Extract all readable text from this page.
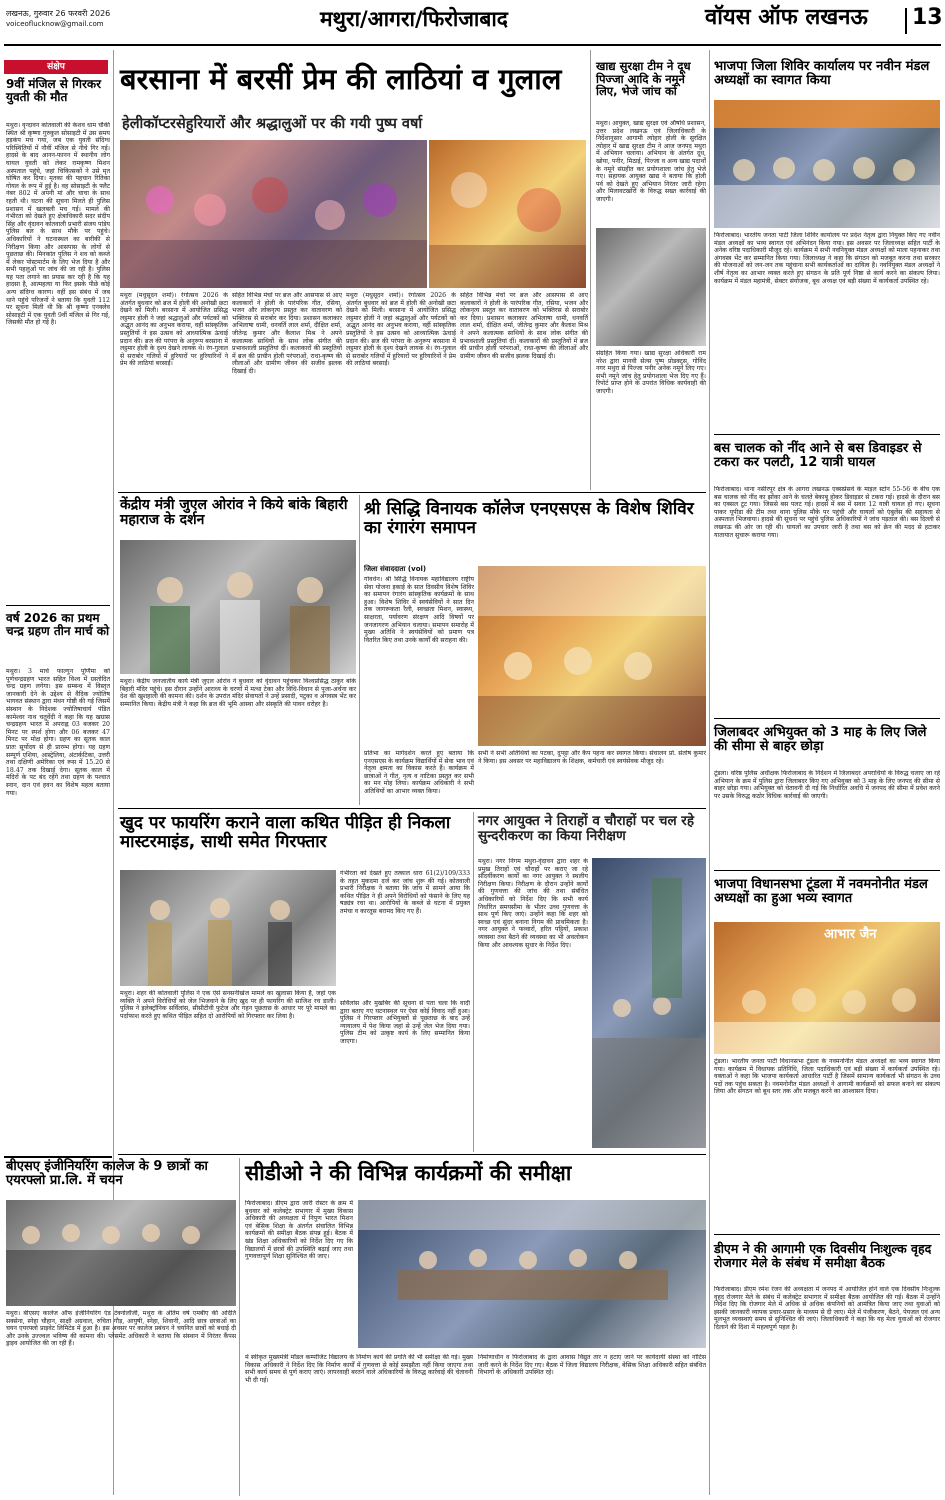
लखनऊ, गुरुवार 26 फरवरी 2026
voiceoflucknow@gmail.com	मथुरा/आगरा/फिरोजाबाद	वॉयस ऑफ लखनऊ 13
संक्षेप
9वीं मंजिल से गिरकर युवती की मौत
मथुरा। वृन्दावन कोतवाली की केशव धाम चौकी स्थित श्री कृष्णा गुरुकुल सोसाइटी में उस समय हड़कंप मच गया, जब एक युवती संदिग्ध परिस्थितियों में नौवीं मंजिल से नीचे गिर गई। हादसे के बाद आनन-फानन में स्थानीय लोग घायल युवती को लेकर रामकृष्ण मिशन अस्पताल पहुंचे, जहां चिकित्सकों ने उसे मृत घोषित कर दिया। मृतका की पहचान रितिका गोयल के रूप में हुई है। वह सोसाइटी के फ्लैट नंबर 802 में अपनी मां और चाचा के साथ रहती थी। घटना की सूचना मिलते ही पुलिस प्रशासन में खलबली मच गई। मामले की गंभीरता को देखते हुए क्षेत्राधिकारी सदर संदीप सिंह और वृंदावन कोतवाली प्रभारी संजय पांडेय पुलिस बल के साथ मौके पर पहुंचे। अधिकारियों ने घटनास्थल का बारीकी से निरीक्षण किया और आसपास के लोगों से पूछताछ की। मिनकांत पुलिस ने शव को कब्जे में लेकर पोस्टमार्टम के लिए भेज दिया है और सभी पहलुओं पर जांच की जा रही है। पुलिस यह पता लगाने का प्रयास कर रही है कि यह हादसा है, आत्महत्या या फिर इसके पीछे कोई अन्य संदिग्ध कारण। वहीं इस संबंध में जब थाने पहुंचे परिजनों ने बताया कि युवती 112 पर सूचना मिली थी कि श्री कृष्णा एनक्लेव सोसाइटी में एक युवती 9वीं मंजिल से गिर गई, जिसकी मौत हो गई है।
वर्ष 2026 का प्रथम चन्द्र ग्रहण तीन मार्च को
मथुरा। 3 मार्च फाल्गुन पूर्णिमा को पूर्णचन्द्रग्रहण भारत सहित विश्व में ग्रस्तोदित चन्द्र ग्रहण लगेगा। इस सम्बन्ध में विस्तृत जानकारी देने के उद्देश्य से वैदिक ज्योतिष भागवत संस्थान द्वारा मंथन गोष्ठी की गई जिसमें संस्थान के निदेशक ज्योतिषाचार्य पंडित कामेश्वर नाथ चतुर्वेदी ने कहा कि यह खग्रास चन्द्रग्रहण भारत में अपराह्न 03 बजकर 20 मिनट पर स्पर्श होगा और 06 बजकर 47 मिनट पर मोक्ष होगा। ग्रहण का सूतक काल प्रातः सूर्योदय से ही प्रारम्भ होगा। यह ग्रहण सम्पूर्ण एशिया, आस्ट्रेलिया, अंटार्कटिका, उत्तरी तथा दक्षिणी अमेरिका एवं रूस में 15.20 से 18.47 तक दिखाई देगा। सूतक काल में मंदिरों के पट बंद रहेंगे तथा ग्रहण के पश्चात स्नान, दान एवं हवन का विशेष महत्व बताया गया।
बरसाना में बरसीं प्रेम की लाठियां व गुलाल
हेलीकॉप्टरसेहुरियारों और श्रद्धालुओं पर की गयी पुष्प वर्षा
मथुरा (मधुसूदन शर्मा)। रंगोत्सव 2026 के अंतर्गत बुधवार को ब्रज में होली की अनोखी छटा देखने को मिली। बरसाना में आयोजित प्रसिद्ध लट्ठमार होली ने जहां श्रद्धालुओं और पर्यटकों को अद्भुत आनंद का अनुभव कराया, वहीं सांस्कृतिक प्रस्तुतियों ने इस उत्सव को आध्यात्मिक ऊंचाई प्रदान की। ब्रज की परंपरा के अनुरूप बरसाना में लट्ठमार होली के दृश्य देखने लायक थे। रंग-गुलाल से सराबोर गलियों में हुरियारों पर हुरियारिनों ने प्रेम की लाठियां बरसाईं।
सहित विभिन्न मंचों पर ब्रज और आसपास से आए कलाकारों ने होली के पारंपरिक गीत, रसिया, भजन और लोकनृत्य प्रस्तुत कर वातावरण को भक्तिरस से सराबोर कर दिया। प्रशासन कलाकार अभिलाषा धामी, धनवर्ति लाल शर्मा, दीक्षित शर्मा, जीतेन्द्र कुमार और कैलाश मिश्र ने अपने कलात्मक साथियों के साथ लोक संगीत की प्रभावशाली प्रस्तुतियां दीं। कलाकारों की प्रस्तुतियों में ब्रज की प्राचीन होली परंपराओं, राधा-कृष्ण की लीलाओं और ग्रामीण जीवन की सजीव झलक दिखाई दी।
मथुरा (मधुसूदन शर्मा)। रंगोत्सव 2026 के अंतर्गत बुधवार को ब्रज में होली की अनोखी छटा देखने को मिली। बरसाना में आयोजित प्रसिद्ध लट्ठमार होली ने जहां श्रद्धालुओं और पर्यटकों को अद्भुत आनंद का अनुभव कराया, वहीं सांस्कृतिक प्रस्तुतियों ने इस उत्सव को आध्यात्मिक ऊंचाई प्रदान की। ब्रज की परंपरा के अनुरूप बरसाना में लट्ठमार होली के दृश्य देखने लायक थे। रंग-गुलाल से सराबोर गलियों में हुरियारों पर हुरियारिनों ने प्रेम की लाठियां बरसाईं।
सहित विभिन्न मंचों पर ब्रज और आसपास से आए कलाकारों ने होली के पारंपरिक गीत, रसिया, भजन और लोकनृत्य प्रस्तुत कर वातावरण को भक्तिरस से सराबोर कर दिया। प्रशासन कलाकार अभिलाषा धामी, धनवर्ति लाल शर्मा, दीक्षित शर्मा, जीतेन्द्र कुमार और कैलाश मिश्र ने अपने कलात्मक साथियों के साथ लोक संगीत की प्रभावशाली प्रस्तुतियां दीं। कलाकारों की प्रस्तुतियों में ब्रज की प्राचीन होली परंपराओं, राधा-कृष्ण की लीलाओं और ग्रामीण जीवन की सजीव झलक दिखाई दी।
खाद्य सुरक्षा टीम ने दूध पिज्जा आदि के नमूने लिए, भेजे जांच को
मथुरा। आयुक्त, खाद्य सुरक्षा एवं औषधि प्रशासन, उत्तर प्रदेश लखनऊ एवं जिलाधिकारी के निर्देशानुसार आगामी त्योहार होली के सुरक्षित त्योहार में खाद्य सुरक्षा टीम ने आज जनपद मथुरा में अभियान चलाया। अभियान के अंतर्गत दूध, खोया, पनीर, मिठाई, पिज्जा व अन्य खाद्य पदार्थों के नमूने संग्रहीत कर प्रयोगशाला जांच हेतु भेजे गए। सहायक आयुक्त खाद्य ने बताया कि होली पर्व को देखते हुए अभियान निरंतर जारी रहेगा और मिलावटखोरों के विरुद्ध सख्त कार्रवाई की जाएगी।
संग्रहित किया गया। खाद्य सुरक्षा अधिकारी राम नरेश द्वारा मानवी सेल्स पुष्प प्रोडक्ट्स, गोविंद नगर मथुरा से पिज्जा पनीर अनेक नमूने लिए गए। सभी नमूने जांच हेतु प्रयोगशाला भेज दिए गए हैं। रिपोर्ट प्राप्त होने के उपरांत विधिक कार्यवाही की जाएगी।
भाजपा जिला शिविर कार्यालय पर नवीन मंडल अध्यक्षों का स्वागत किया
फिरोजाबाद। भारतीय जनता पार्टी जिला शिविर कार्यालय पर प्रदेश नेतृत्व द्वारा नियुक्त किए गए नवीन मंडल अध्यक्षों का भव्य स्वागत एवं अभिनंदन किया गया। इस अवसर पर जिलाध्यक्ष सहित पार्टी के अनेक वरिष्ठ पदाधिकारी मौजूद रहे। कार्यक्रम में सभी नवनियुक्त मंडल अध्यक्षों को माला पहनाकर तथा अंगवस्त्र भेंट कर सम्मानित किया गया। जिलाध्यक्ष ने कहा कि संगठन को मजबूत करना तथा सरकार की योजनाओं को जन-जन तक पहुंचाना सभी कार्यकर्ताओं का दायित्व है। नवनियुक्त मंडल अध्यक्षों ने शीर्ष नेतृत्व का आभार व्यक्त करते हुए संगठन के प्रति पूर्ण निष्ठा से कार्य करने का संकल्प लिया। कार्यक्रम में मंडल महामंत्री, सेक्टर संयोजक, बूथ अध्यक्ष एवं बड़ी संख्या में कार्यकर्ता उपस्थित रहे।
बस चालक को नींद आने से बस डिवाइडर से टकरा कर पलटी, 12 यात्री घायल
फिरोजाबाद। थाना नसीरपुर क्षेत्र के आगरा लखनऊ एक्सप्रेसवे के माइल स्टोन 55-56 के बीच एक बस चालक को नींद का झोंका आने के चलते बेकाबू होकर डिवाइडर से टकरा गई। हादसे के दौरान बस का एक्सल टूट गया। जिससे बस पलट गई। हादसे में बस में सवार 12 यात्री घायल हो गए। सूचना पाकर यूपीडा की टीम तथा थाना पुलिस मौके पर पहुंची और घायलों को एंबुलेंस की सहायता से अस्पताल भिजवाया। हादसे की सूचना पर पहुंचे पुलिस अधिकारियों ने जांच पड़ताल की। बस दिल्ली से लखनऊ की ओर जा रही थी। घायलों का उपचार जारी है तथा बस को क्रेन की मदद से हटाकर यातायात सुचारू कराया गया।
जिलाबदर अभियुक्त को 3 माह के लिए जिले की सीमा से बाहर छोड़ा
टूंडला। वरिष्ठ पुलिस अधीक्षक फिरोजाबाद के निर्देशन में जिलाबदर अपराधियों के विरुद्ध चलाए जा रहे अभियान के क्रम में पुलिस द्वारा जिलाबदर किए गए अभियुक्त को 3 माह के लिए जनपद की सीमा से बाहर छोड़ा गया। अभियुक्त को चेतावनी दी गई कि निर्धारित अवधि में जनपद की सीमा में प्रवेश करने पर उसके विरुद्ध कठोर विधिक कार्रवाई की जाएगी।
भाजपा विधानसभा टूंडला में नवमनोनीत मंडल अध्यक्षों का हुआ भव्य स्वागत
आभार जैन
टूंडला। भारतीय जनता पार्टी विधानसभा टूंडला के नवमनोनीत मंडल अध्यक्षों का भव्य स्वागत किया गया। कार्यक्रम में विधायक प्रतिनिधि, जिला पदाधिकारी एवं बड़ी संख्या में कार्यकर्ता उपस्थित रहे। वक्ताओं ने कहा कि भाजपा कार्यकर्ता आधारित पार्टी है जिसमें सामान्य कार्यकर्ता भी संगठन के उच्च पदों तक पहुंच सकता है। नवमनोनीत मंडल अध्यक्षों ने आगामी कार्यक्रमों को सफल बनाने का संकल्प लिया और संगठन को बूथ स्तर तक और मजबूत करने का आश्वासन दिया।
डीएम ने की आगामी एक दिवसीय निःशुल्क वृहद रोजगार मेले के संबंध में समीक्षा बैठक
फिरोजाबाद। डीएम रमेश रंजन की अध्यक्षता में जनपद में आयोजित होने वाले एक दिवसीय निःशुल्क वृहद रोजगार मेले के संबंध में कलेक्ट्रेट सभागार में समीक्षा बैठक आयोजित की गई। बैठक में उन्होंने निर्देश दिए कि रोजगार मेले में अधिक से अधिक कंपनियों को आमंत्रित किया जाए तथा युवाओं को इसकी जानकारी व्यापक प्रचार-प्रसार के माध्यम से दी जाए। मेले में पंजीकरण, बैठने, पेयजल एवं अन्य मूलभूत व्यवस्थाएं समय से सुनिश्चित की जाएं। जिलाधिकारी ने कहा कि यह मेला युवाओं को रोजगार दिलाने की दिशा में महत्वपूर्ण पहल है।
केंद्रीय मंत्री जुएल ओरांव ने किये बांके बिहारी महाराज के दर्शन
मथुरा। केंद्रीय जनजातीय कार्य मंत्री जुएल ओरांव ने बुधवार को वृंदावन पहुंचकर विश्वप्रसिद्ध ठाकुर बांके बिहारी मंदिर पहुंचे। इस दौरान उन्होंने आराध्य के चरणों में मत्था टेका और विधि-विधान से पूजा-अर्चना कर देश की खुशहाली की कामना की। दर्शन के उपरांत मंदिर सेवायतों ने उन्हें प्रसादी, पटुका व अंगवस्त्र भेंट कर सम्मानित किया। केंद्रीय मंत्री ने कहा कि ब्रज की भूमि आस्था और संस्कृति की पावन धरोहर है।
श्री सिद्धि विनायक कॉलेज एनएसएस के विशेष शिविर का रंगारंग समापन
जिला संवाददाता (vol)
गोवर्धन। श्री सिद्धि विनायक महाविद्यालय राष्ट्रीय सेवा योजना इकाई के सात दिवसीय विशेष शिविर का समापन रंगारंग सांस्कृतिक कार्यक्रमों के साथ हुआ। विशेष शिविर में स्वयंसेवियों ने सात दिन तक जागरूकता रैली, स्वच्छता मिशन, स्वास्थ्य, साक्षरता, पर्यावरण संरक्षण आदि विषयों पर जनजागरण अभियान चलाया। समापन समारोह में मुख्य अतिथि ने स्वयंसेवियों को प्रमाण पत्र वितरित किए तथा उनके कार्यों की सराहना की।
प्रतिभा का मार्गदर्शन करते हुए बताया कि एनएसएस के कार्यक्रम विद्यार्थियों में सेवा भाव एवं नेतृत्व क्षमता का विकास करते हैं। कार्यक्रम में छात्राओं ने गीत, नृत्य व नाटिका प्रस्तुत कर सभी का मन मोह लिया। कार्यक्रम अधिकारी ने सभी अतिथियों का आभार व्यक्त किया।
सभी ने सभी अतिथियों का पटका, दुपट्टा और कैप पहना कर स्वागत किया। संचालन प्रो. संतोष कुमार ने किया। इस अवसर पर महाविद्यालय के शिक्षक, कर्मचारी एवं स्वयंसेवक मौजूद रहे।
खुद पर फायरिंग कराने वाला कथित पीड़ित ही निकला मास्टरमाइंड, साथी समेत गिरफ्तार
मथुरा। शहर की कोतवाली पुलिस ने एक ऐसे सनसनीखेज मामले का खुलासा किया है, जहां एक व्यक्ति ने अपने विरोधियों को जेल भिजवाने के लिए खुद पर ही फायरिंग की साजिश रच डाली। पुलिस ने इलेक्ट्रॉनिक सर्विलांस, सीसीटीवी फुटेज और गहन पूछताछ के आधार पर पूरे मामले का पर्दाफाश करते हुए कथित पीड़ित सहित दो आरोपियों को गिरफ्तार कर लिया है।
गंभीरता को देखते हुए तत्काल धारा 61(2)/109/333 के तहत मुकदमा दर्ज कर जांच शुरू की गई। कोतवाली प्रभारी निरीक्षक ने बताया कि जांच में सामने आया कि कथित पीड़ित ने ही अपने विरोधियों को फंसाने के लिए यह षड्यंत्र रचा था। आरोपियों के कब्जे से घटना में प्रयुक्त तमंचा व कारतूस बरामद किए गए हैं।
सर्विलांस और मुखबिर की सूचना से पता चला कि वादी द्वारा बताए गए घटनास्थल पर ऐसा कोई विवाद नहीं हुआ। पुलिस ने गिरफ्तार अभियुक्तों से पूछताछ के बाद उन्हें न्यायालय में पेश किया जहां से उन्हें जेल भेज दिया गया। पुलिस टीम को उत्कृष्ट कार्य के लिए सम्मानित किया जाएगा।
नगर आयुक्त ने तिराहों व चौराहों पर चल रहे सुन्दरीकरण का किया निरीक्षण
मथुरा। नगर निगम मथुरा-वृंदावन द्वारा शहर के प्रमुख तिराहों एवं चौराहों पर कराए जा रहे सौंदर्यीकरण कार्यों का नगर आयुक्त ने स्थलीय निरीक्षण किया। निरीक्षण के दौरान उन्होंने कार्यों की गुणवत्ता की जांच की तथा संबंधित अधिकारियों को निर्देश दिए कि सभी कार्य निर्धारित समयसीमा के भीतर उच्च गुणवत्ता के साथ पूर्ण किए जाएं। उन्होंने कहा कि शहर को स्वच्छ एवं सुंदर बनाना निगम की प्राथमिकता है। नगर आयुक्त ने फव्वारों, हरित पट्टियों, प्रकाश व्यवस्था तथा बैठने की व्यवस्था का भी अवलोकन किया और आवश्यक सुधार के निर्देश दिए।
बीएसए इंजीनियरिंग कालेज के 9 छात्रों का एयरफ्लो प्रा.लि. में चयन
मथुरा। बीएसए कालेज ऑफ इंजीनियरिंग एंड टेक्नोलॉजी, मथुरा के अंतिम वर्ष एमबीए की अदिति सक्सेना, स्नेहा चौहान, साक्षी अग्रवाल, रुचिता गौड़, आयुषी, स्नेहा, शिवानी, आदि छात्र छात्राओं का चयन एयरफ्लो प्राइवेट लिमिटेड में हुआ है। इस अवसर पर कालेज प्रबंधन ने चयनित छात्रों को बधाई दी और उनके उज्ज्वल भविष्य की कामना की। प्लेसमेंट अधिकारी ने बताया कि संस्थान में निरंतर कैंपस ड्राइव आयोजित की जा रही हैं।
सीडीओ ने की विभिन्न कार्यक्रमों की समीक्षा
फिरोजाबाद। डीएम द्वारा जारी रोस्टर के क्रम में बुधवार को कलेक्ट्रेट सभागार में मुख्य विकास अधिकारी की अध्यक्षता में निपुण भारत मिशन एवं बेसिक शिक्षा के अंतर्गत संचालित विभिन्न कार्यक्रमों की समीक्षा बैठक संपन्न हुई। बैठक में खंड शिक्षा अधिकारियों को निर्देश दिए गए कि विद्यालयों में छात्रों की उपस्थिति बढ़ाई जाए तथा गुणवत्तापूर्ण शिक्षा सुनिश्चित की जाए।
में स्वीकृत मुख्यमंत्री मॉडल कम्पोजिट विद्यालय के निर्माण कार्य की प्रगति की भी समीक्षा की गई। मुख्य विकास अधिकारी ने निर्देश दिए कि निर्माण कार्यों में गुणवत्ता से कोई समझौता नहीं किया जाएगा तथा सभी कार्य समय से पूर्ण कराए जाएं। लापरवाही बरतने वाले अधिकारियों के विरुद्ध कार्रवाई की चेतावनी भी दी गई।
निर्माणाधीन व फिरोजाबाद के द्वारा आवास विद्युत तार न हटाए जाने पर कार्यदायी संस्था को नोटिस जारी करने के निर्देश दिए गए। बैठक में जिला विद्यालय निरीक्षक, बेसिक शिक्षा अधिकारी सहित संबंधित विभागों के अधिकारी उपस्थित रहे।
